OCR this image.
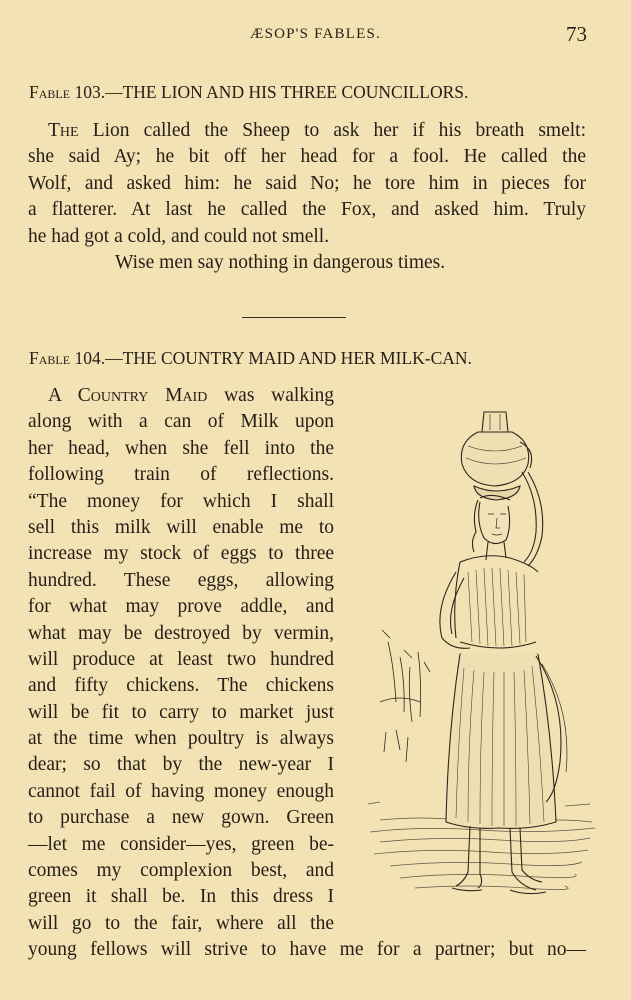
ÆSOP'S FABLES.	73
Fable 103.—THE LION AND HIS THREE COUNCILLORS.
The Lion called the Sheep to ask her if his breath smelt:
she said Ay; he bit off her head for a fool. He called the
Wolf, and asked him: he said No; he tore him in pieces for
a flatterer. At last he called the Fox, and asked him. Truly
he had got a cold, and could not smell.
Wise men say nothing in dangerous times.
Fable 104.—THE COUNTRY MAID AND HER MILK-CAN.
A Country Maid was walking
along with a can of Milk upon
her head, when she fell into the
following train of reflections.
“The money for which I shall
sell this milk will enable me to
increase my stock of eggs to three
hundred. These eggs, allowing
for what may prove addle, and
what may be destroyed by vermin,
will produce at least two hundred
and fifty chickens. The chickens
will be fit to carry to market just
at the time when poultry is always
dear; so that by the new-year I
cannot fail of having money enough
to purchase a new gown. Green
—let me consider—yes, green be-
comes my complexion best, and
green it shall be. In this dress I
will go to the fair, where all the
young fellows will strive to have me for a partner; but no—
